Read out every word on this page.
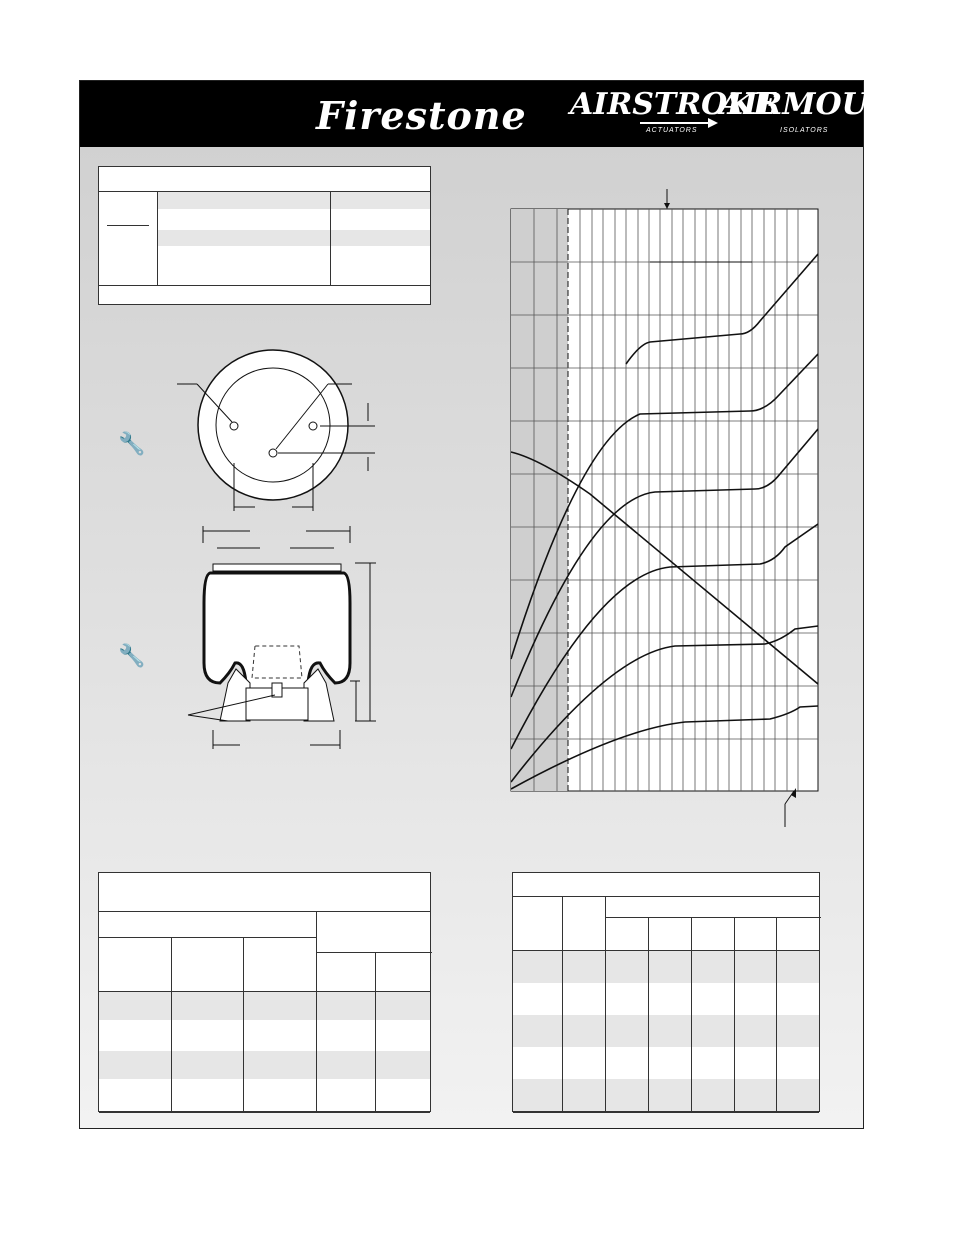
Firestone AIRSTROKE
ACTUATORS
AIRMOUNT
ISOLATORS
🔧
🔧
